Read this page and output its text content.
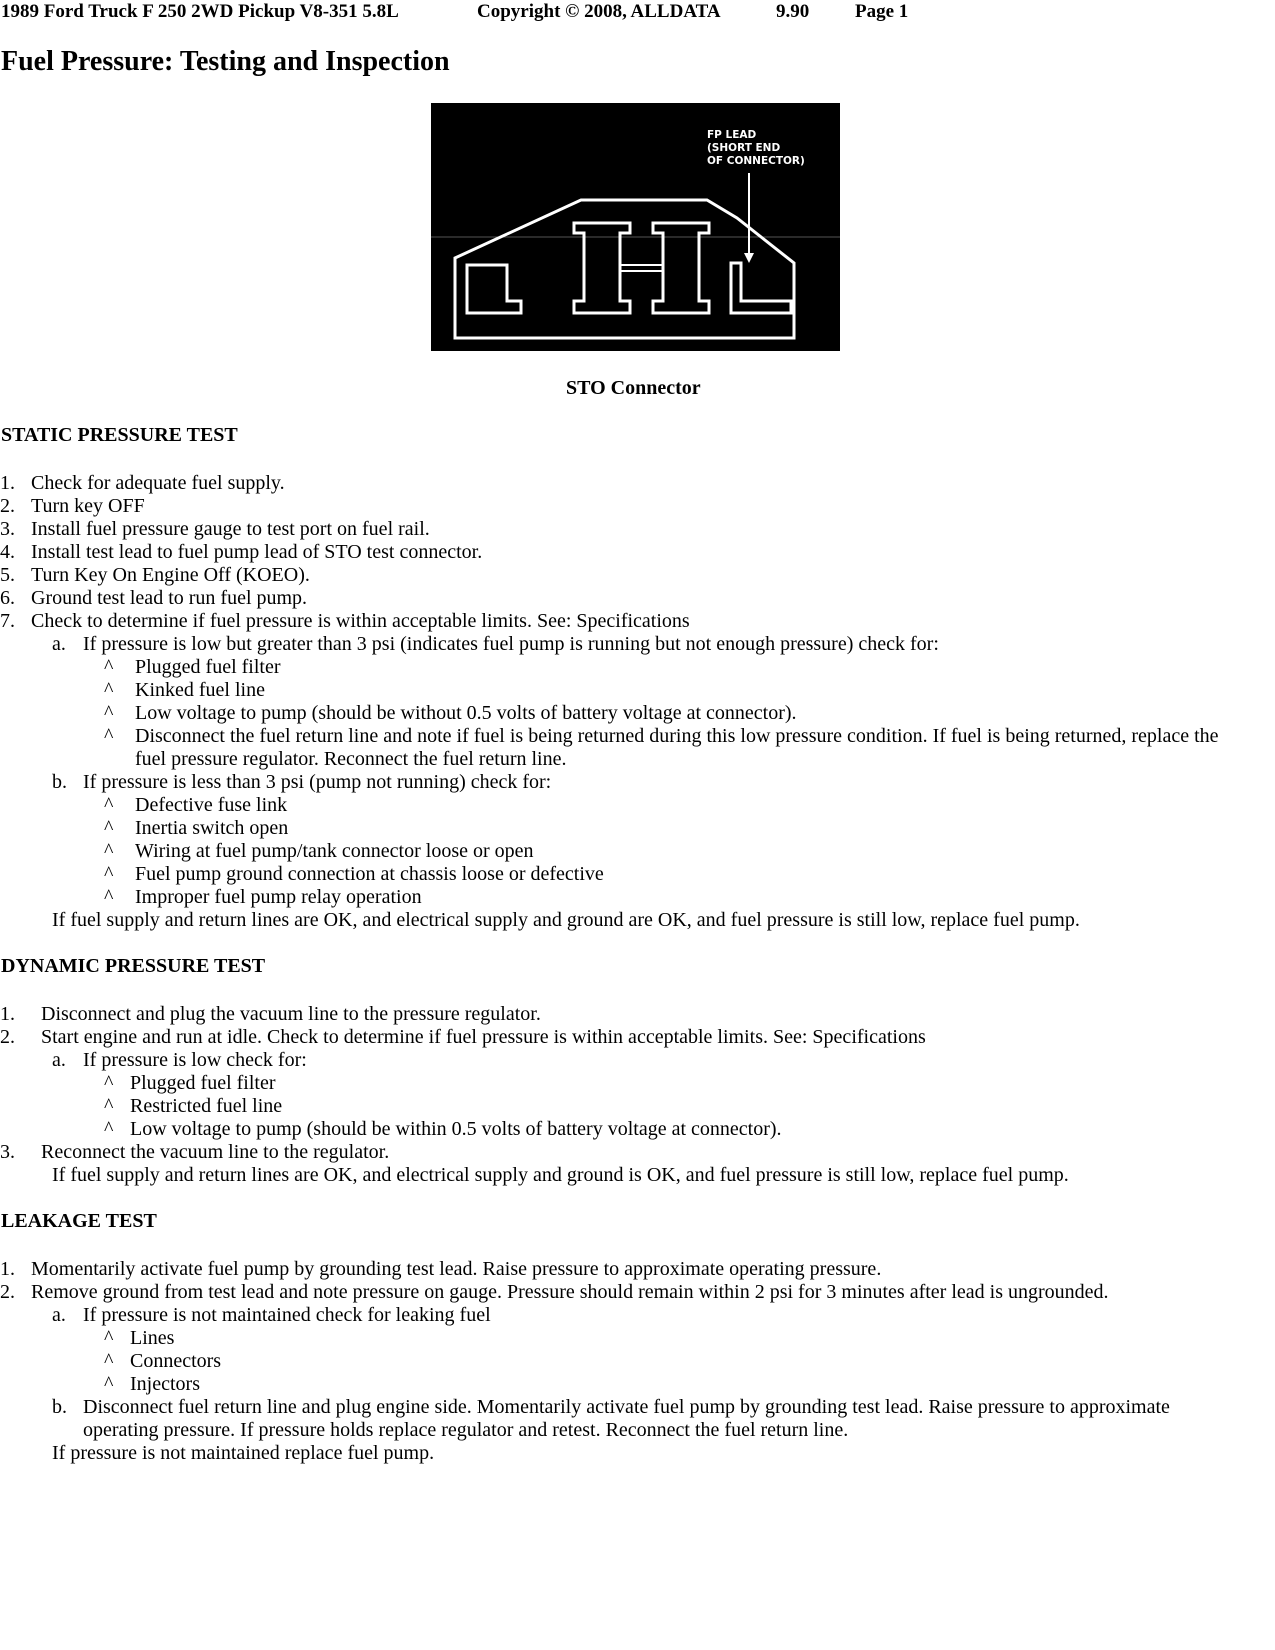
1989 Ford Truck F 250 2WD Pickup V8-351 5.8L

	Copyright © 2008, ALLDATA

	9.90

Page 1

Fuel Pressure: Testing and Inspection
FP LEAD
(SHORT END
OF CONNECTOR)
STO Connector
STATIC PRESSURE TEST
1. Check for adequate fuel supply.
2. Turn key OFF
3. Install fuel pressure gauge to test port on fuel rail.
4. Install test lead to fuel pump lead of STO test connector.
5. Turn Key On Engine Off (KOEO).
6. Ground test lead to run fuel pump.
7. Check to determine if fuel pressure is within acceptable limits. See: Specifications
a. If pressure is low but greater than 3 psi (indicates fuel pump is running but not enough pressure) check for:
^ Plugged fuel filter
^ Kinked fuel line
^ Low voltage to pump (should be without 0.5 volts of battery voltage at connector).
^ Disconnect the fuel return line and note if fuel is being returned during this low pressure condition. If fuel is being returned, replace the
fuel pressure regulator. Reconnect the fuel return line.
b. If pressure is less than 3 psi (pump not running) check for:
^ Defective fuse link
^ Inertia switch open
^ Wiring at fuel pump/tank connector loose or open
^ Fuel pump ground connection at chassis loose or defective
^ Improper fuel pump relay operation
If fuel supply and return lines are OK, and electrical supply and ground are OK, and fuel pressure is still low, replace fuel pump.
DYNAMIC PRESSURE TEST
1. Disconnect and plug the vacuum line to the pressure regulator.
2. Start engine and run at idle. Check to determine if fuel pressure is within acceptable limits. See: Specifications
a. If pressure is low check for:
^ Plugged fuel filter
^ Restricted fuel line
^ Low voltage to pump (should be within 0.5 volts of battery voltage at connector).
3. Reconnect the vacuum line to the regulator.
If fuel supply and return lines are OK, and electrical supply and ground is OK, and fuel pressure is still low, replace fuel pump.
LEAKAGE TEST
1. Momentarily activate fuel pump by grounding test lead. Raise pressure to approximate operating pressure.
2. Remove ground from test lead and note pressure on gauge. Pressure should remain within 2 psi for 3 minutes after lead is ungrounded.
a. If pressure is not maintained check for leaking fuel
^ Lines
^ Connectors
^ Injectors
b. Disconnect fuel return line and plug engine side. Momentarily activate fuel pump by grounding test lead. Raise pressure to approximate
operating pressure. If pressure holds replace regulator and retest. Reconnect the fuel return line.
If pressure is not maintained replace fuel pump.
